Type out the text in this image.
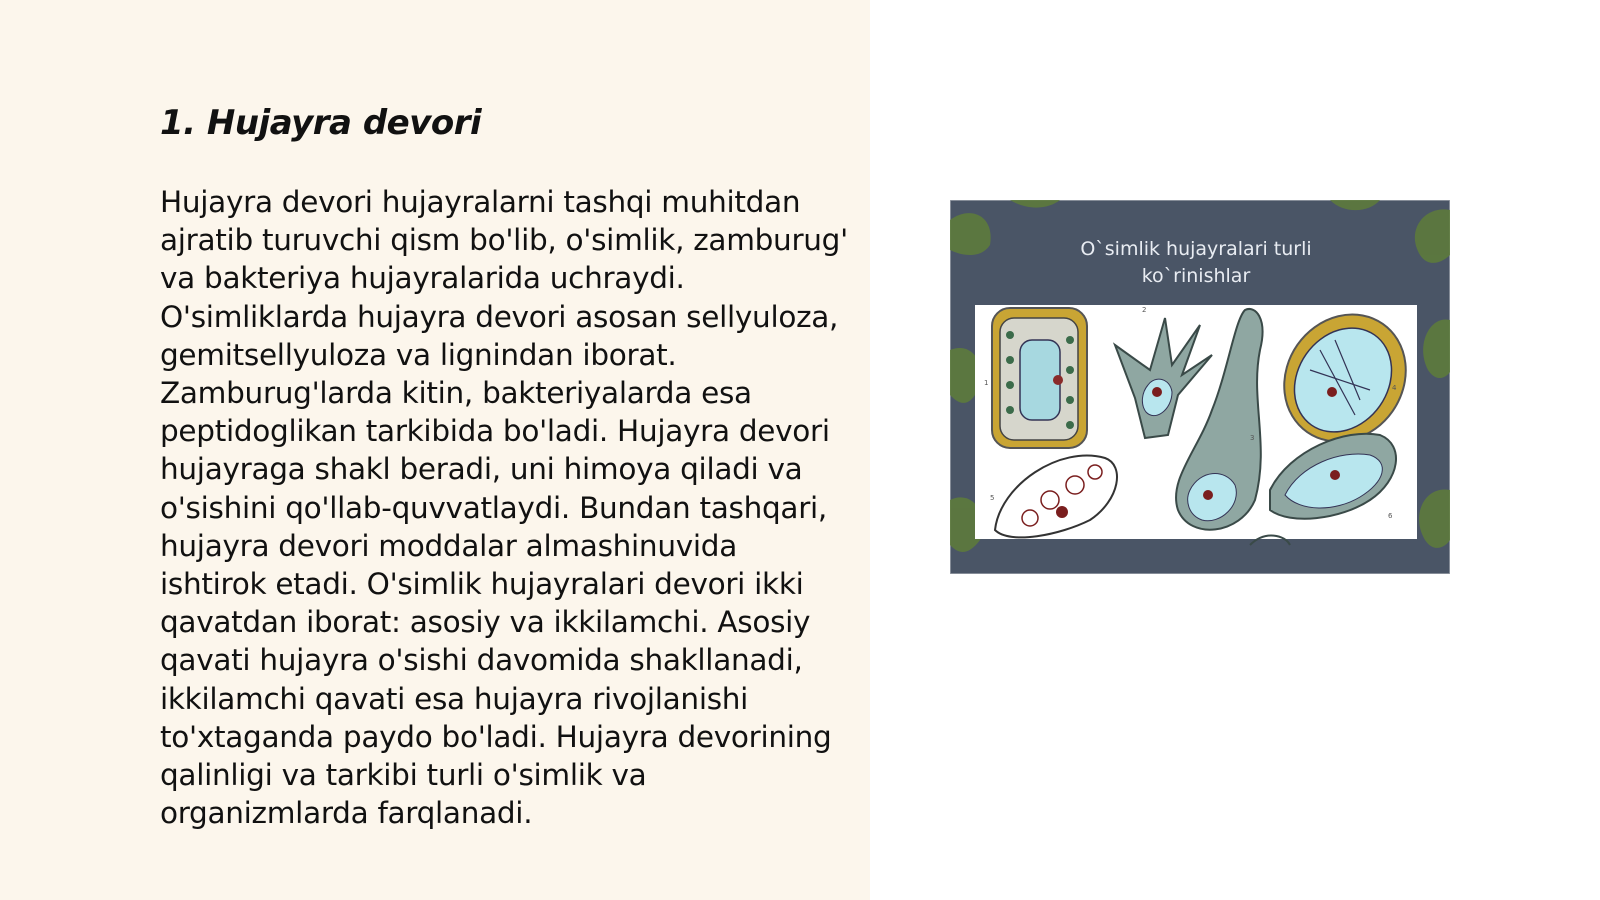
1. Hujayra devori

Hujayra devori hujayralarni tashqi muhitdan ajratib turuvchi qism bo'lib, o'simlik, zamburug' va bakteriya hujayralarida uchraydi. O'simliklarda hujayra devori asosan sellyuloza, gemitsellyuloza va lignindan iborat. Zamburug'larda kitin, bakteriyalarda esa peptidoglikan tarkibida bo'ladi. Hujayra devori hujayraga shakl beradi, uni himoya qiladi va o'sishini qo'llab-quvvatlaydi. Bundan tashqari, hujayra devori moddalar almashinuvida ishtirok etadi. O'simlik hujayralari devori ikki qavatdan iborat: asosiy va ikkilamchi. Asosiy qavati hujayra o'sishi davomida shakllanadi, ikkilamchi qavati esa hujayra rivojlanishi to'xtaganda paydo bo'ladi. Hujayra devorining qalinligi va tarkibi turli o'simlik va organizmlarda farqlanadi.

O`simlik hujayralari turli
ko`rinishlar
1
2
3
4
5
6
